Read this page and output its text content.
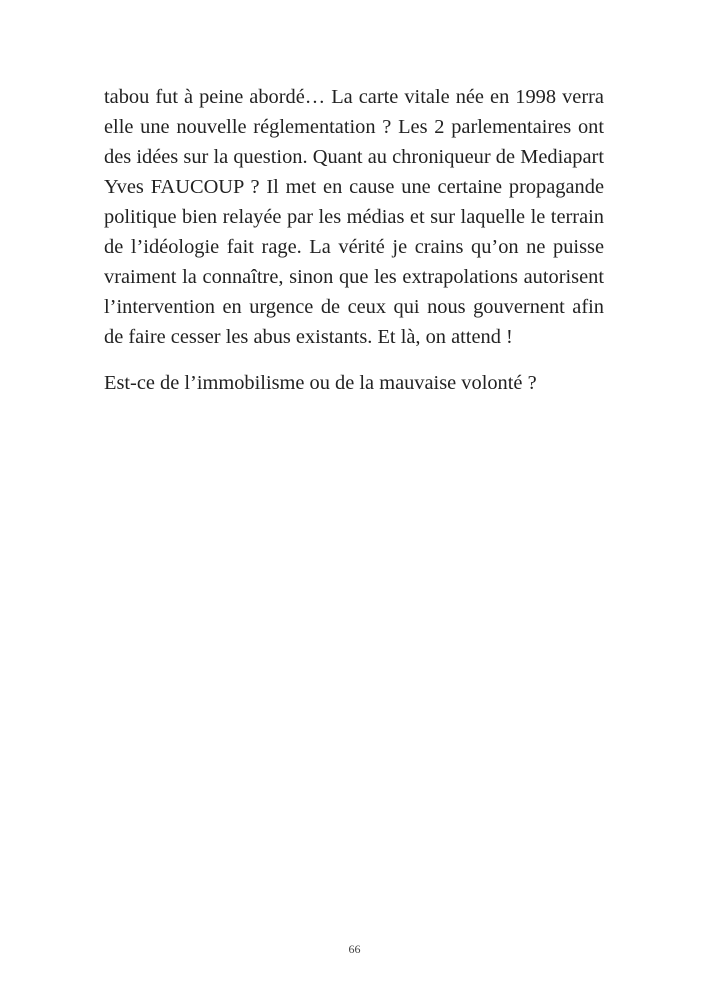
tabou fut à peine abordé… La carte vitale née en 1998 verra elle une nouvelle réglementation ? Les 2 parlementaires ont des idées sur la question. Quant au chroniqueur de Mediapart Yves FAUCOUP ? Il met en cause une certaine propagande politique bien relayée par les médias et sur laquelle le terrain de l’idéologie fait rage. La vérité je crains qu’on ne puisse vraiment la connaître, sinon que les extrapolations autorisent l’intervention en urgence de ceux qui nous gouvernent afin de faire cesser les abus existants. Et là, on attend !

Est-ce de l’immobilisme ou de la mauvaise volonté ?

66
